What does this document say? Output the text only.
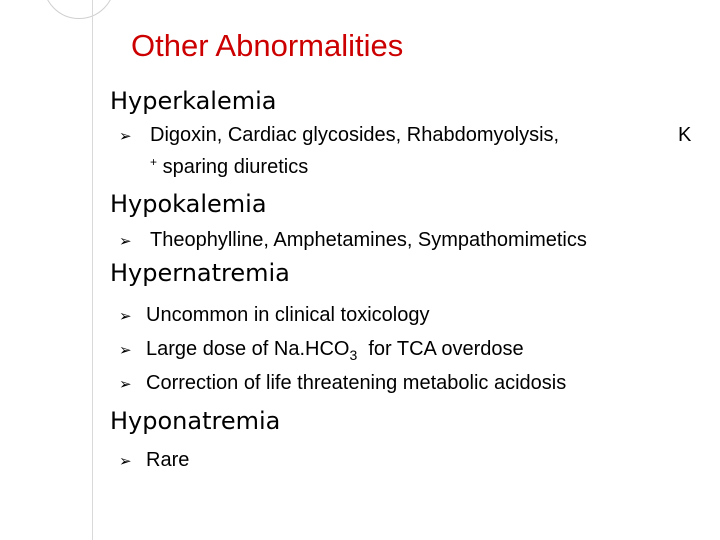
Other Abnormalities
Hyperkalemia
➢ Digoxin, Cardiac glycosides, Rhabdomyolysis,	K
+ sparing diuretics
Hypokalemia
➢ Theophylline, Amphetamines, Sympathomimetics
Hypernatremia
➢ Uncommon in clinical toxicology
➢ Large dose of $Na.HCO_3$  for TCA overdose
➢ Correction of life threatening metabolic acidosis
Hyponatremia
➢ Rare
